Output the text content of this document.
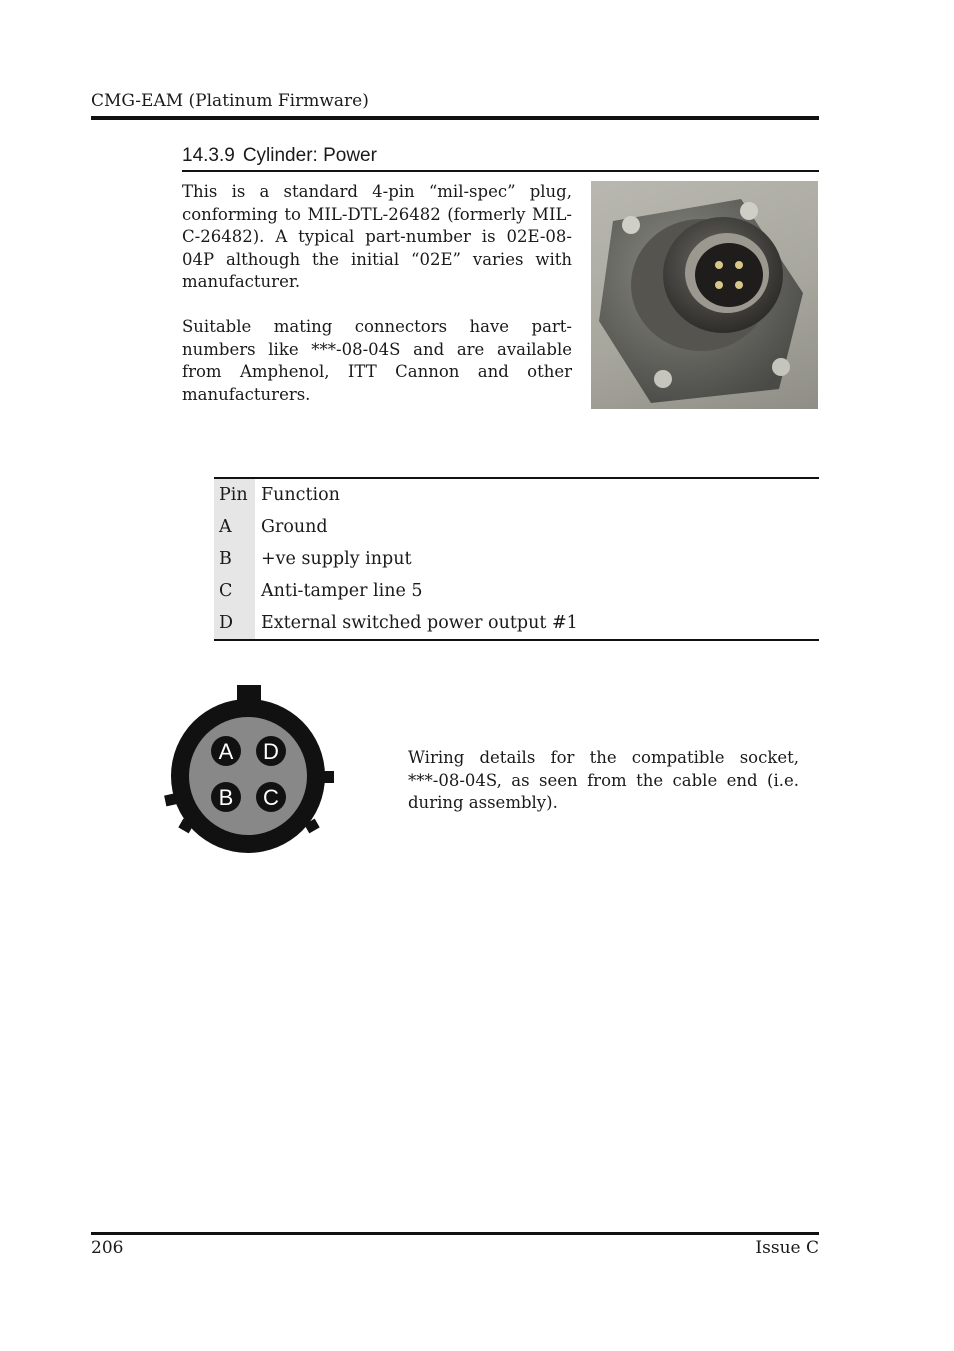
CMG-EAM (Platinum Firmware)
14.3.9 Cylinder: Power

This is a standard 4-pin “mil-spec” plug, conforming to MIL-DTL-26482 (formerly MIL-C-26482). A typical part-number is 02E-08-04P although the initial “02E” varies with manufacturer.

Suitable mating connectors have part-numbers like ***-08-04S and are available from Amphenol, ITT Cannon and other manufacturers.

Pin	Function
A	Ground
B	+ve supply input
C	Anti-tamper line 5
D	External switched power output #1
A D
B C
Wiring details for the compatible socket, ***-08-04S, as seen from the cable end (i.e. during assembly).
206	Issue C
